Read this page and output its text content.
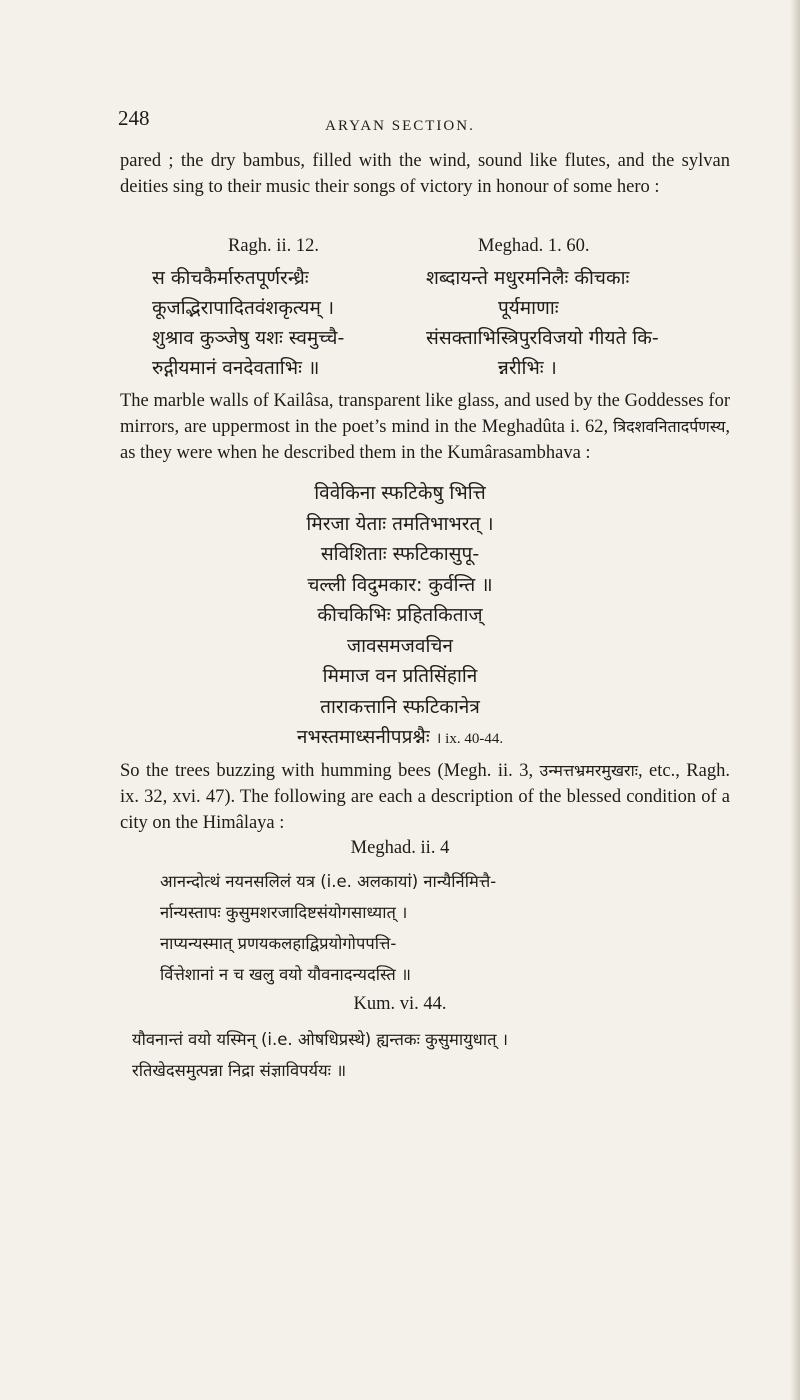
248	ARYAN SECTION.
pared ; the dry bambus, filled with the wind, sound like flutes, and the sylvan deities sing to their music their songs of victory in honour of some hero :
Ragh. ii. 12.	Meghad. 1. 60.
स कीचकैर्मारुतपूर्णरन्ध्रैः
कूजद्भिरापादितवंशकृत्यम् ।
शुश्राव कुञ्जेषु यशः स्वमुच्चै-
रुद्गीयमानं वनदेवताभिः ॥
शब्दायन्ते मधुरमनिलैः कीचकाः
पूर्यमाणाः
संसक्ताभिस्त्रिपुरविजयो गीयते कि-
न्नरीभिः ।
The marble walls of Kailâsa, transparent like glass, and used by the Goddesses for mirrors, are uppermost in the poet’s mind in the Meghadûta i. 62, त्रिदशवनितादर्पणस्य, as they were when he described them in the Kumârasambhava :
विवेकिना स्फटिकेषु भित्ति
मिरजा येताः तमतिभाभरत् ।
सविशिताः स्फटिकासुपू-
चल्ली विदुमकार: कुर्वन्ति ॥
कीचकिभिः प्रहितकिताज्
जावसमजवचिन
मिमाज वन प्रतिसिंहानि
ताराकत्तानि स्फटिकानेत्र
नभस्तमाध्सनीपप्रश्नैः । ix. 40-44.
So the trees buzzing with humming bees (Megh. ii. 3, उन्मत्तभ्रमरमुखराः, etc., Ragh. ix. 32, xvi. 47). The following are each a description of the blessed condition of a city on the Himâlaya :
Meghad. ii. 4
आनन्दोत्थं नयनसलिलं यत्र (i.e. अलकायां) नान्यैर्निमित्तै-
र्नान्यस्तापः कुसुमशरजादिष्टसंयोगसाध्यात् ।
नाप्यन्यस्मात् प्रणयकलहाद्विप्रयोगोपपत्ति-
र्वित्तेशानां न च खलु वयो यौवनादन्यदस्ति ॥
Kum. vi. 44.
यौवनान्तं वयो यस्मिन् (i.e. ओषधिप्रस्थे) ह्यन्तकः कुसुमायुधात् ।
रतिखेदसमुत्पन्ना निद्रा संज्ञाविपर्ययः ॥
